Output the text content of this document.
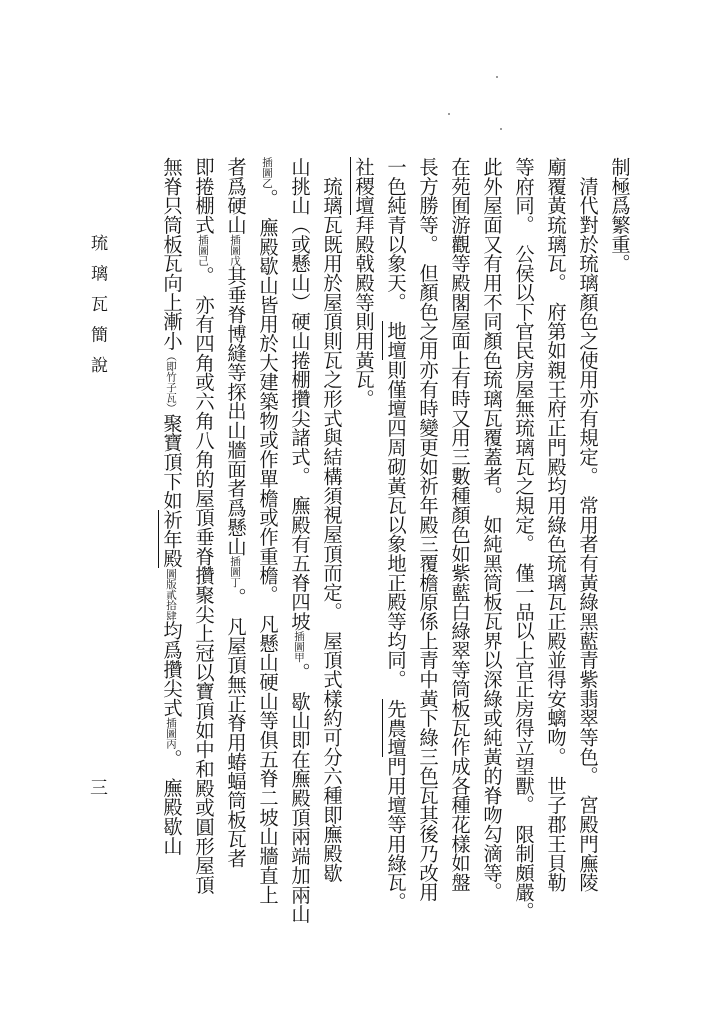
制極爲繁重。
　清代對於琉璃顏色之使用亦有規定。　常用者有黃綠黑藍青紫翡翠等色。　宮殿門廡陵
廟覆黃琉璃瓦。　府第如親王府正門殿均用綠色琉璃瓦正殿並得安螭吻。　世子郡王貝勒
等府同。　公侯以下官民房屋無琉璃瓦之規定。　僅一品以上官正房得立望獸。　限制頗嚴。
此外屋面又有用不同顏色琉璃瓦覆蓋者。　如純黑筒板瓦界以深綠或純黃的脊吻勾滴等。
在苑囿游觀等殿閣屋面上有時又用三數種顏色如紫藍白綠翠等筒板瓦作成各種花樣如盤
長方勝等。　但顏色之用亦有時變更如祈年殿三覆檐原係上青中黃下綠三色瓦其後乃改用
一色純青以象天。　地壇則僅壇四周砌黃瓦以象地正殿等均同。　先農壇門用壇等用綠瓦。
社稷壇拜殿戟殿等則用黃瓦。
　琉璃瓦既用於屋頂則瓦之形式與結構須視屋頂而定。　屋頂式樣約可分六種即廡殿歇
山挑山（或懸山）硬山捲棚攢尖諸式。　廡殿有五脊四坡插圖甲。　歇山即在廡殿頂兩端加兩山
插圖乙。　廡殿歇山皆用於大建築物或作單檐或作重檐。　凡懸山硬山等俱五脊二坡山牆直上
者爲硬山插圖戊其垂脊博縫等探出山牆面者爲懸山插圖丁。　凡屋頂無正脊用蝽蝠筒板瓦者
即捲棚式插圖己。　亦有四角或六角八角的屋頂垂脊攢聚尖上冠以寶頂如中和殿或圓形屋頂
無脊只筒板瓦向上漸小（即竹子瓦）聚寶頂下如祈年殿圖版貳拾肆均爲攢尖式插圖丙。　廡殿歇山
琉璃瓦簡說
三
